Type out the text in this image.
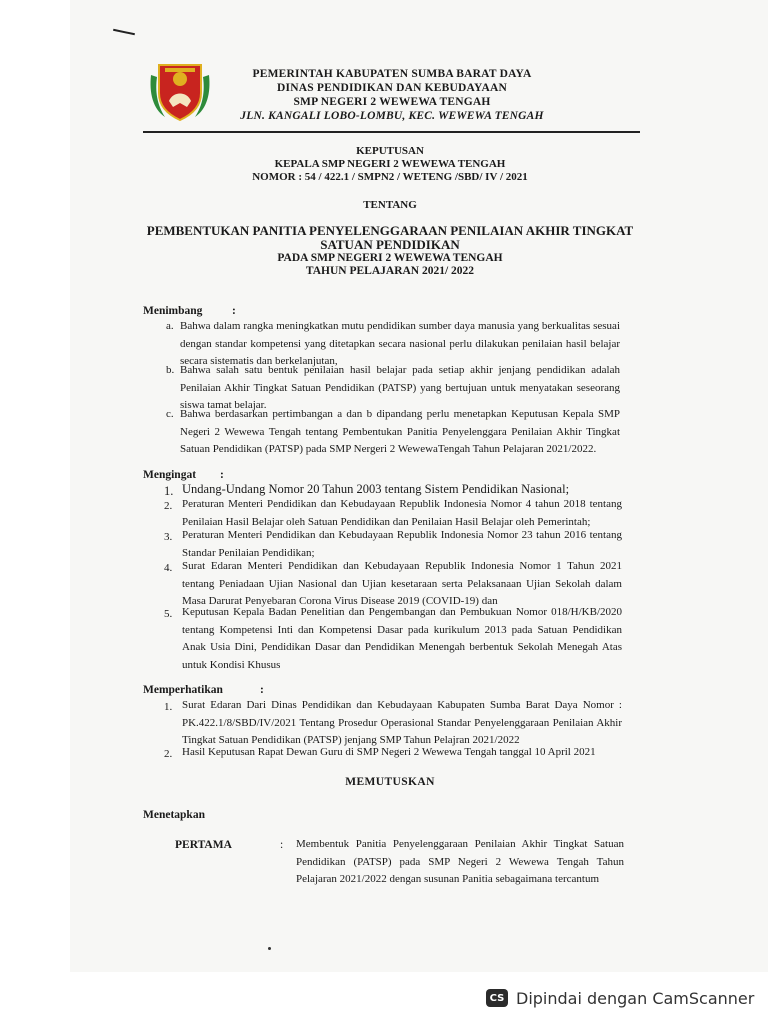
PEMERINTAH KABUPATEN SUMBA BARAT DAYA
DINAS PENDIDIKAN DAN KEBUDAYAAN
SMP NEGERI 2 WEWEWA TENGAH
JLN. KANGALI LOBO-LOMBU, KEC. WEWEWA TENGAH
KEPUTUSAN
KEPALA SMP NEGERI 2 WEWEWA TENGAH
NOMOR : 54 / 422.1 / SMPN2 / WETENG /SBD/ IV / 2021
TENTANG
PEMBENTUKAN PANITIA PENYELENGGARAAN PENILAIAN AKHIR TINGKAT
SATUAN PENDIDIKAN
PADA SMP NEGERI 2 WEWEWA TENGAH
TAHUN PELAJARAN 2021/ 2022
Menimbang	:
a. Bahwa dalam rangka meningkatkan mutu pendidikan sumber daya manusia yang berkualitas sesuai dengan standar kompetensi yang ditetapkan secara nasional perlu dilakukan penilaian hasil belajar secara sistematis dan berkelanjutan,
b. Bahwa salah satu bentuk penilaian hasil belajar pada setiap akhir jenjang pendidikan adalah Penilaian Akhir Tingkat Satuan Pendidikan (PATSP) yang bertujuan untuk menyatakan seseorang siswa tamat belajar.
c. Bahwa berdasarkan pertimbangan a dan b dipandang perlu menetapkan Keputusan Kepala SMP Negeri 2 Wewewa Tengah tentang Pembentukan Panitia Penyelenggara Penilaian Akhir Tingkat Satuan Pendidikan (PATSP) pada SMP Nergeri 2 WewewaTengah Tahun Pelajaran 2021/2022.
Mengingat :
1. Undang-Undang Nomor 20 Tahun 2003 tentang Sistem Pendidikan Nasional;
2. Peraturan Menteri Pendidikan dan Kebudayaan Republik Indonesia Nomor 4 tahun 2018 tentang Penilaian Hasil Belajar oleh Satuan Pendidikan dan Penilaian Hasil Belajar oleh Pemerintah;
3. Peraturan Menteri Pendidikan dan Kebudayaan Republik Indonesia Nomor 23 tahun 2016 tentang Standar Penilaian Pendidikan;
4. Surat Edaran Menteri Pendidikan dan Kebudayaan Republik Indonesia Nomor 1 Tahun 2021 tentang Peniadaan Ujian Nasional dan Ujian kesetaraan serta Pelaksanaan Ujian Sekolah dalam Masa Darurat Penyebaran Corona Virus Disease 2019 (COVID-19) dan
5. Keputusan Kepala Badan Penelitian dan Pengembangan dan Pembukuan Nomor 018/H/KB/2020 tentang Kompetensi Inti dan Kompetensi Dasar pada kurikulum 2013 pada Satuan Pendidikan Anak Usia Dini, Pendidikan Dasar dan Pendidikan Menengah berbentuk Sekolah Menegah Atas untuk Kondisi Khusus
Memperhatikan	:
1. Surat Edaran Dari Dinas Pendidikan dan Kebudayaan Kabupaten Sumba Barat Daya Nomor : PK.422.1/8/SBD/IV/2021 Tentang Prosedur Operasional Standar Penyelenggaraan Penilaian Akhir Tingkat Satuan Pendidikan (PATSP) jenjang SMP Tahun Pelajran 2021/2022
2. Hasil Keputusan Rapat Dewan Guru di SMP Negeri 2 Wewewa Tengah tanggal 10 April 2021
MEMUTUSKAN
Menetapkan
PERTAMA	: Membentuk Panitia Penyelenggaraan Penilaian Akhir Tingkat Satuan Pendidikan (PATSP) pada SMP Negeri 2 Wewewa Tengah Tahun Pelajaran 2021/2022 dengan susunan Panitia sebagaimana tercantum
CS Dipindai dengan CamScanner
